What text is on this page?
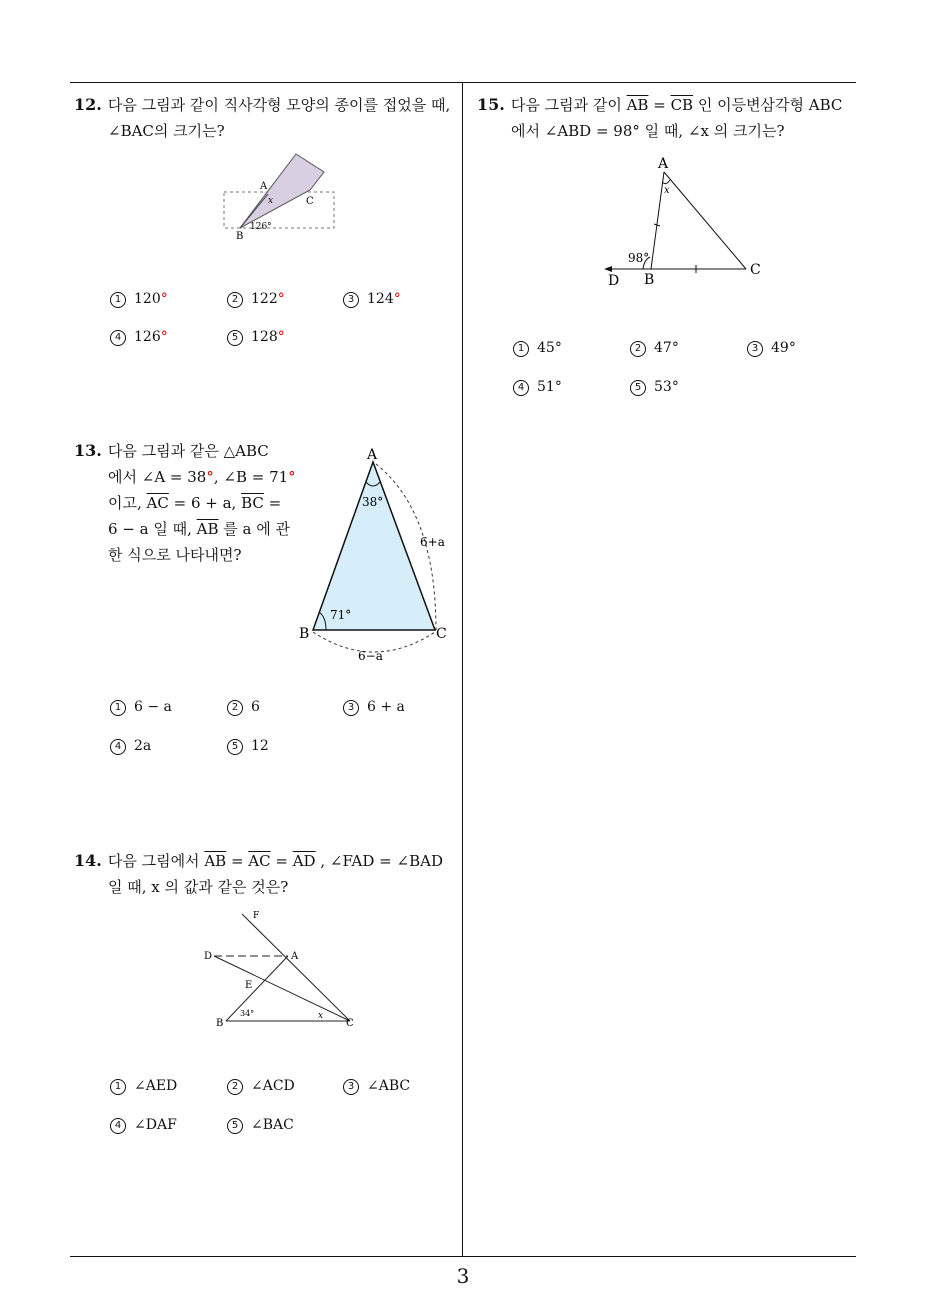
12. 다음 그림과 같이 직사각형 모양의 종이를 접었을 때,
∠BAC의 크기는?
A
B
C
x
126°
1 120°	2 122°	3 124°
4 126°	5 128°
13. 다음 그림과 같은 △ABC
에서 ∠A = 38°, ∠B = 71°
이고, $\overline{AC} = 6 + a$, $\overline{BC}$ =
6 − a 일 때, $\overline{AB}$ 를 a 에 관
한 식으로 나타내면?
A
B	C
38°
71°
6+a
6−a
1 6 − a	2 6	3 6 + a
4 2a	5 12
14. 다음 그림에서 $\overline{AB} = \overline{AC} = \overline{AD}$ , ∠FAD = ∠BAD
일 때, x 의 값과 같은 것은?
F
D	A
E
B	C
34°	x
1 ∠AED	2 ∠ACD	3 ∠ABC
4 ∠DAF	5 ∠BAC
15. 다음 그림과 같이 $\overline{AB} = \overline{CB}$ 인 이등변삼각형 ABC
에서 ∠ABD = 98° 일 때, ∠x 의 크기는?
A
B
C
D
x
98°
1 45°	2 47°	3 49°
4 51°	5 53°
3
